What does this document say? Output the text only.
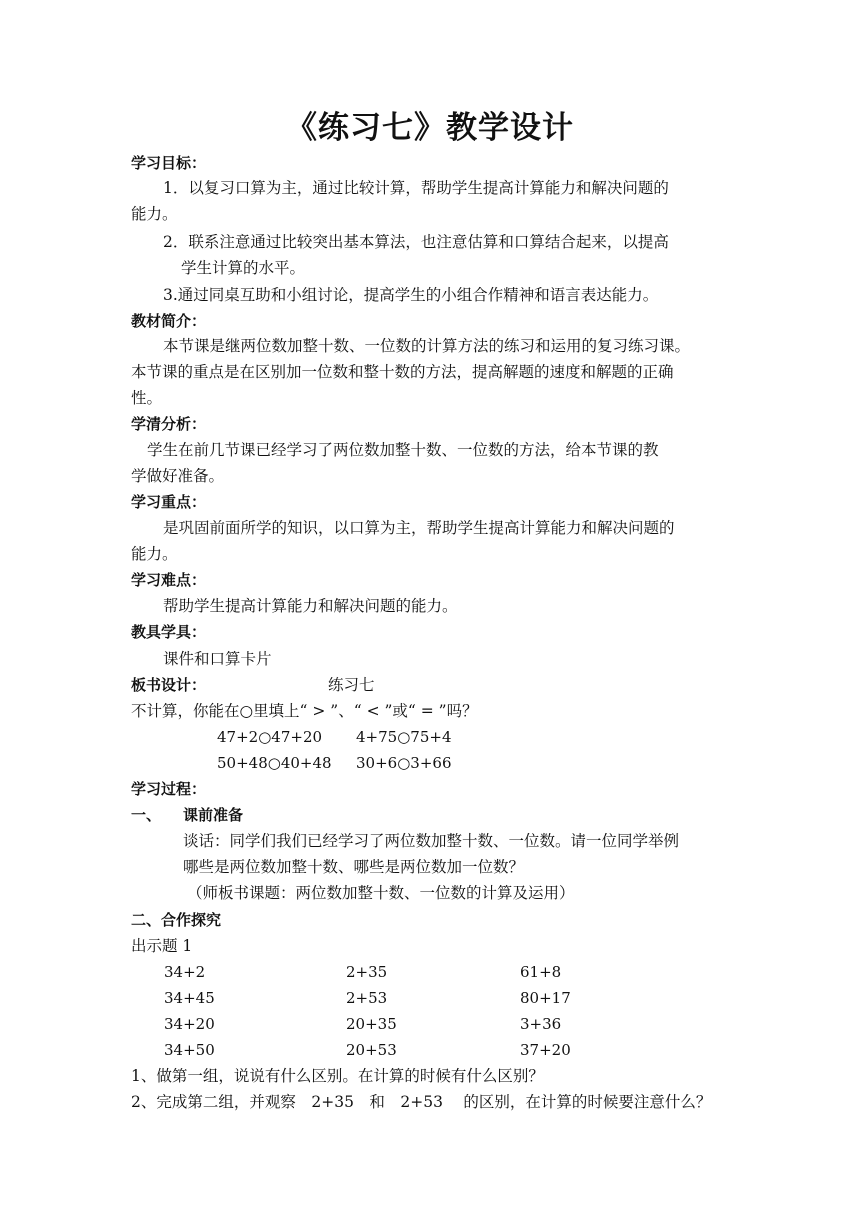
《练习七》教学设计
学习目标：
1．以复习口算为主，通过比较计算，帮助学生提高计算能力和解决问题的
能力。
2．联系注意通过比较突出基本算法，也注意估算和口算结合起来，以提高
学生计算的水平。
3.通过同桌互助和小组讨论，提高学生的小组合作精神和语言表达能力。
教材简介：
本节课是继两位数加整十数、一位数的计算方法的练习和运用的复习练习课。
本节课的重点是在区别加一位数和整十数的方法，提高解题的速度和解题的正确
性。
学清分析：
学生在前几节课已经学习了两位数加整十数、一位数的方法，给本节课的教
学做好准备。
学习重点：
是巩固前面所学的知识，以口算为主，帮助学生提高计算能力和解决问题的
能力。
学习难点：
帮助学生提高计算能力和解决问题的能力。
教具学具：
课件和口算卡片
板书设计：	练习七
不计算，你能在○里填上“ > ”、“ < ”或“ = ”吗？
47+2○47+20 4+75○75+4
50+48○40+48 30+6○3+66
学习过程：
一、 课前准备
谈话：同学们我们已经学习了两位数加整十数、一位数。请一位同学举例
哪些是两位数加整十数、哪些是两位数加一位数？
（师板书课题：两位数加整十数、一位数的计算及运用）
二、合作探究
出示题 1
34+2	2+35	61+8
34+45	2+53	80+17
34+20	20+35	3+36
34+50	20+53	37+20
1、做第一组，说说有什么区别。在计算的时候有什么区别？
2、完成第二组，并观察　2+35　和　2+53　 的区别，在计算的时候要注意什么？
